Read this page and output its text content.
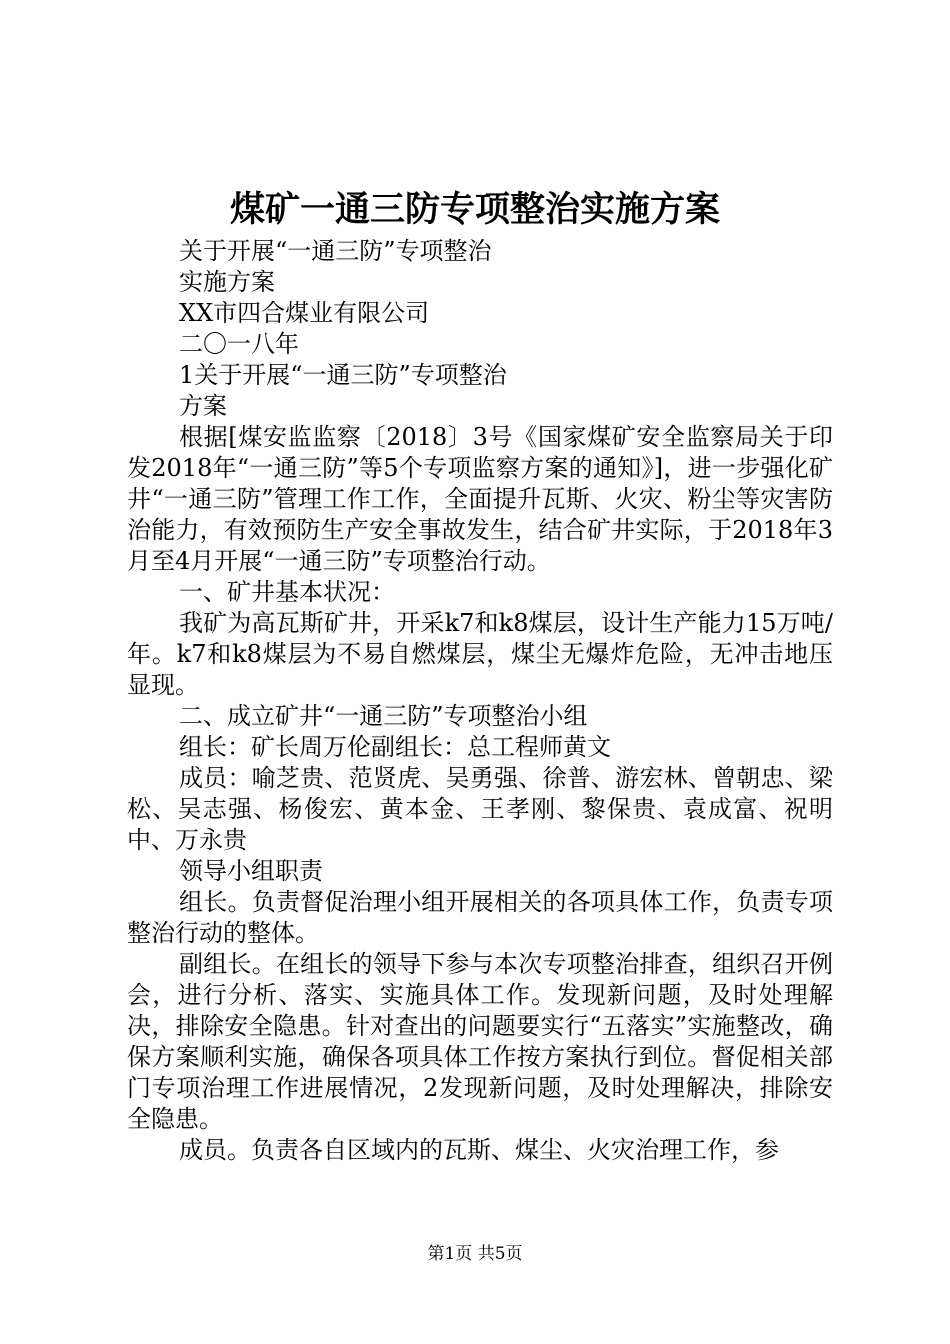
煤矿一通三防专项整治实施方案

关于开展“一通三防”专项整治

实施方案

XX市四合煤业有限公司

二〇一八年

1关于开展“一通三防”专项整治

方案

根据[煤安监监察〔2018〕3号《国家煤矿安全监察局关于印发2018年“一通三防”等5个专项监察方案的通知》]，进一步强化矿井“一通三防”管理工作工作，全面提升瓦斯、火灾、粉尘等灾害防治能力，有效预防生产安全事故发生，结合矿井实际，于2018年3月至4月开展“一通三防”专项整治行动。

一、矿井基本状况：

我矿为高瓦斯矿井，开采k7和k8煤层，设计生产能力15万吨/年。k7和k8煤层为不易自燃煤层，煤尘无爆炸危险，无冲击地压显现。

二、成立矿井“一通三防”专项整治小组

组长：矿长周万伦副组长：总工程师黄文

成员：喻芝贵、范贤虎、吴勇强、徐普、游宏林、曾朝忠、梁松、吴志强、杨俊宏、黄本金、王孝刚、黎保贵、袁成富、祝明中、万永贵

领导小组职责

组长。负责督促治理小组开展相关的各项具体工作，负责专项整治行动的整体。

副组长。在组长的领导下参与本次专项整治排查，组织召开例会，进行分析、落实、实施具体工作。发现新问题，及时处理解决，排除安全隐患。针对查出的问题要实行“五落实”实施整改，确保方案顺利实施，确保各项具体工作按方案执行到位。督促相关部门专项治理工作进展情况，2发现新问题，及时处理解决，排除安全隐患。

成员。负责各自区域内的瓦斯、煤尘、火灾治理工作，参

第1页 共5页
